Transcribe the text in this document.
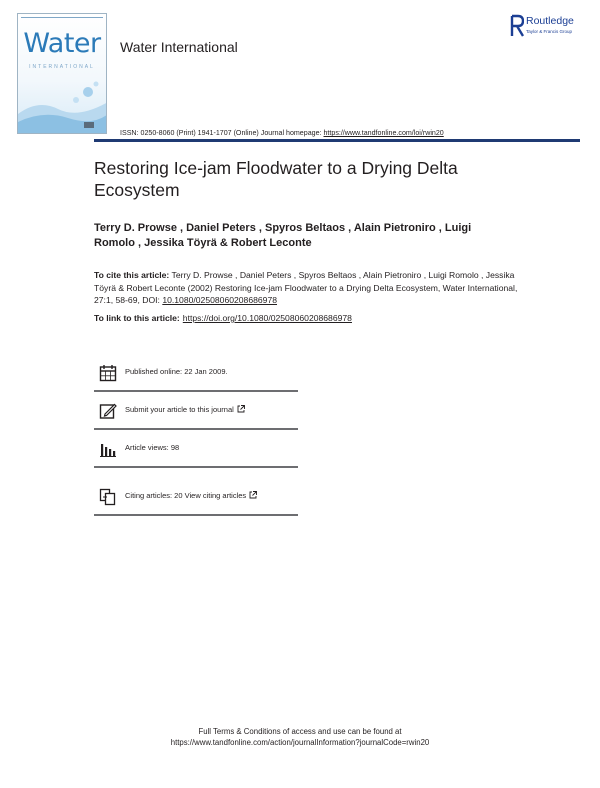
Water
INTERNATIONAL
Water International
Routledge
Taylor & Francis Group
ISSN: 0250-8060 (Print) 1941-1707 (Online) Journal homepage: https://www.tandfonline.com/loi/rwin20
Restoring Ice-jam Floodwater to a Drying Delta Ecosystem
Terry D. Prowse , Daniel Peters , Spyros Beltaos , Alain Pietroniro , Luigi Romolo , Jessika Töyrä & Robert Leconte
To cite this article: Terry D. Prowse , Daniel Peters , Spyros Beltaos , Alain Pietroniro , Luigi Romolo , Jessika Töyrä & Robert Leconte (2002) Restoring Ice-jam Floodwater to a Drying Delta Ecosystem, Water International, 27:1, 58-69, DOI: 10.1080/02508060208686978
To link to this article: https://doi.org/10.1080/02508060208686978
Published online: 22 Jan 2009.
Submit your article to this journal
Article views: 98
Citing articles: 20 View citing articles
Full Terms & Conditions of access and use can be found at
https://www.tandfonline.com/action/journalInformation?journalCode=rwin20
